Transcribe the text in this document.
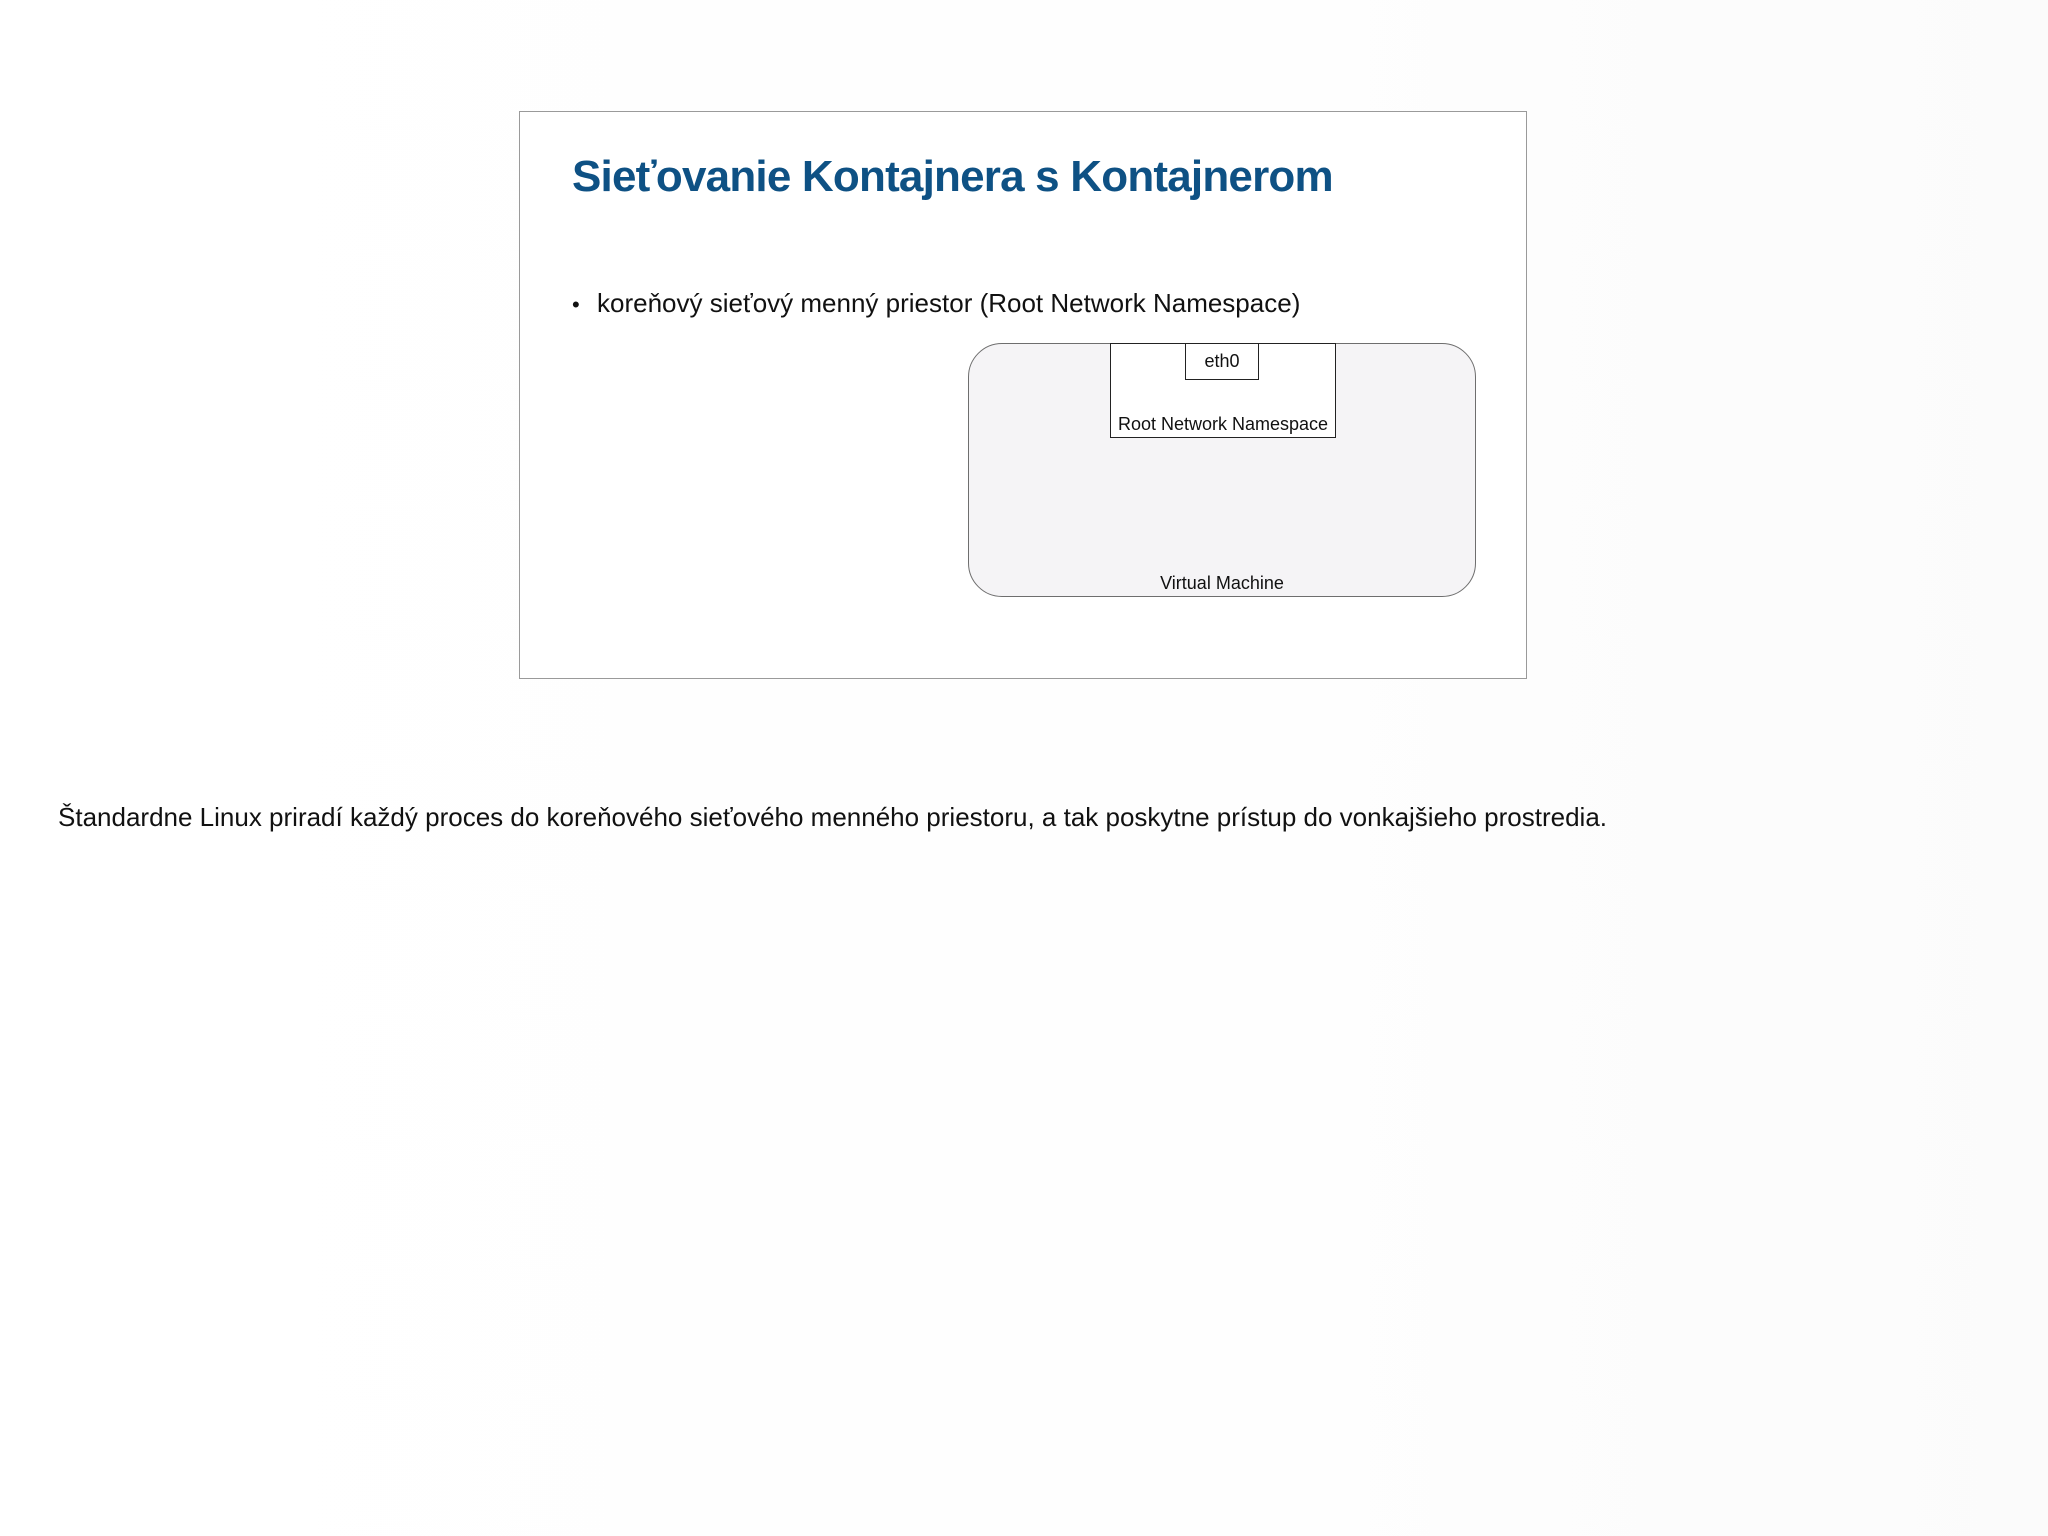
Sieťovanie Kontajnera s Kontajnerom
• koreňový sieťový menný priestor (Root Network Namespace)
eth0
Root Network Namespace
Virtual Machine

Štandardne Linux priradí každý proces do koreňového sieťového menného priestoru, a tak poskytne prístup do vonkajšieho prostredia.
